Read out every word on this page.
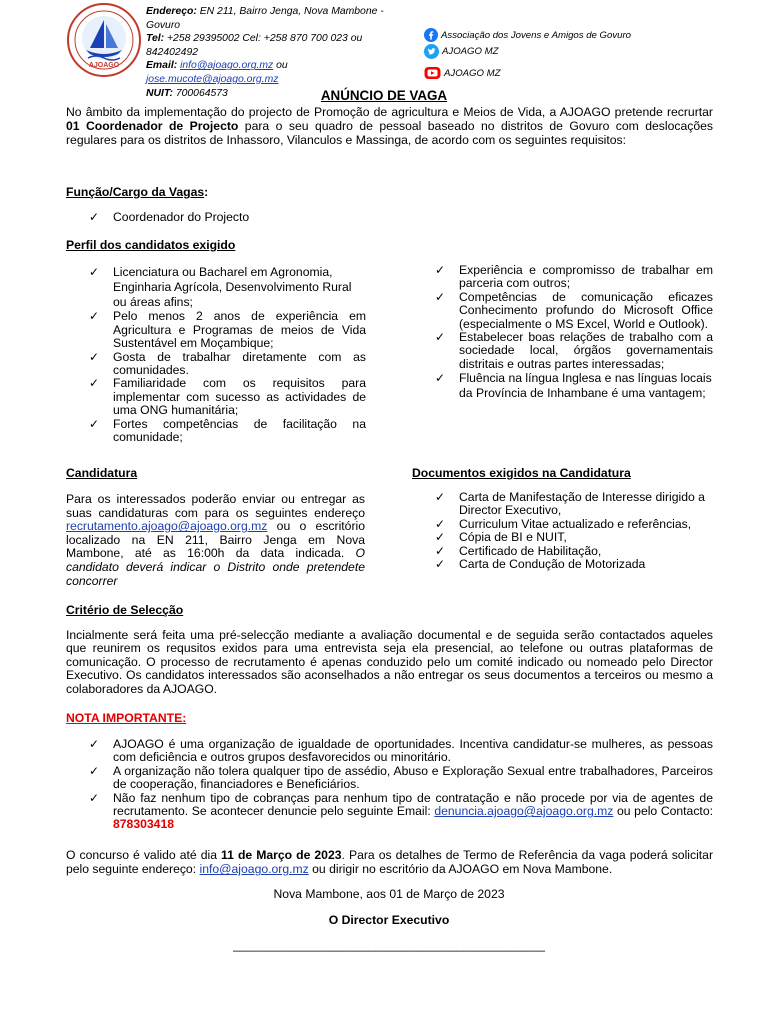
AJOAGO
Endereço: EN 211, Bairro Jenga, Nova Mambone - Govuro
Tel: +258 29395002 Cel: +258 870 700 023 ou 842402492
Email: info@ajoago.org.mz ou jose.mucote@ajoago.org.mz
NUIT: 700064573
Associação dos Jovens e Amigos de Govuro
AJOAGO MZ
AJOAGO MZ
ANÚNCIO DE VAGA
No âmbito da implementação do projecto de Promoção de agricultura e Meios de Vida, a AJOAGO pretende recrurtar 01 Coordenador de Projecto para o seu quadro de pessoal baseado no distritos de Govuro com deslocações regulares para os distritos de Inhassoro, Vilanculos e Massinga, de acordo com os seguintes requisitos:
Função/Cargo da Vagas:
✓ Coordenador do Projecto
Perfil dos candidatos exigido
✓ Licenciatura ou Bacharel em Agronomia, Enginharia Agrícola, Desenvolvimento Rural ou áreas afins;
✓ Pelo menos 2 anos de experiência em Agricultura e Programas de meios de Vida Sustentável em Moçambique;
✓ Gosta de trabalhar diretamente com as comunidades.
✓ Familiaridade com os requisitos para implementar com sucesso as actividades de uma ONG humanitária;
✓ Fortes competências de facilitação na comunidade;
✓ Experiência e compromisso de trabalhar em parceria com outros;
✓ Competências de comunicação eficazes Conhecimento profundo do Microsoft Office (especialmente o MS Excel, World e Outlook).
✓ Estabelecer boas relações de trabalho com a sociedade local, órgãos governamentais distritais e outras partes interessadas;
✓ Fluência na língua Inglesa e nas línguas locais da Província de Inhambane é uma vantagem;
Candidatura
Para os interessados poderão enviar ou entregar as suas candidaturas com para os seguintes endereço recrutamento.ajoago@ajoago.org.mz ou o escritório localizado na EN 211, Bairro Jenga em Nova Mambone, até as 16:00h da data indicada. O candidato deverá indicar o Distrito onde pretendete concorrer
Documentos exigidos na Candidatura
✓ Carta de Manifestação de Interesse dirigido a Director Executivo,
✓ Curriculum Vitae actualizado e referências,
✓ Cópia de BI e NUIT,
✓ Certificado de Habilitação,
✓ Carta de Condução de Motorizada
Critério de Selecção
Incialmente será feita uma pré-selecção mediante a avaliação documental e de seguida serão contactados aqueles que reunirem os requsitos exidos para uma entrevista seja ela presencial, ao telefone ou outras plataformas de comunicação. O processo de recrutamento é apenas conduzido pelo um comité indicado ou nomeado pelo Director Executivo. Os candidatos interessados são aconselhados a não entregar os seus documentos a terceiros ou mesmo a colaboradores da AJOAGO.
NOTA IMPORTANTE:
✓ AJOAGO é uma organização de igualdade de oportunidades. Incentiva candidatur-se mulheres, as pessoas com deficiência e outros grupos desfavorecidos ou minoritário.
✓ A organização não tolera qualquer tipo de assédio, Abuso e Exploração Sexual entre trabalhadores, Parceiros de cooperação, financiadores e Beneficiários.
✓ Não faz nenhum tipo de cobranças para nenhum tipo de contratação e não procede por via de agentes de recrutamento. Se acontecer denuncie pelo seguinte Email: denuncia.ajoago@ajoago.org.mz ou pelo Contacto: 878303418
O concurso é valido até dia 11 de Março de 2023. Para os detalhes de Termo de Referência da vaga poderá solicitar pelo seguinte endereço: info@ajoago.org.mz ou dirigir no escritório da AJOAGO em Nova Mambone.
Nova Mambone, aos 01 de Março de 2023
O Director Executivo
______________________________________________
